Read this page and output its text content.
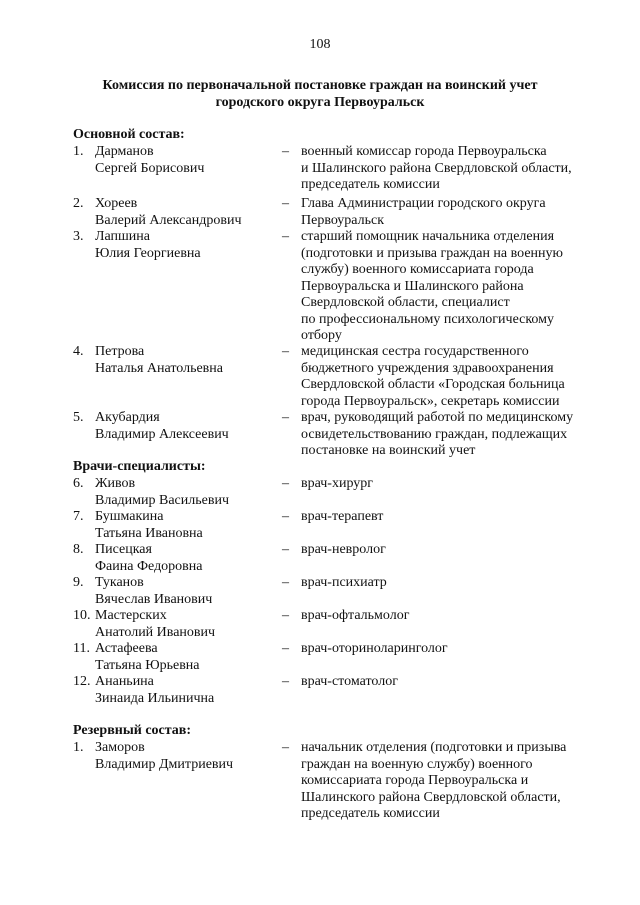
108
Комиссия по первоначальной постановке граждан на воинский учет
городского округа Первоуральск
Основной состав:
1. Дарманов
Сергей Борисович
– военный комиссар города Первоуральска
и Шалинского района Свердловской области,
председатель комиссии
2. Хореев
Валерий Александрович
– Глава Администрации городского округа
Первоуральск
3. Лапшина
Юлия Георгиевна
– старший помощник начальника отделения
(подготовки и призыва граждан на военную
службу) военного комиссариата города
Первоуральска и Шалинского района
Свердловской области, специалист
по профессиональному психологическому
отбору
4. Петрова
Наталья Анатольевна
– медицинская сестра государственного
бюджетного учреждения здравоохранения
Свердловской области «Городская больница
города Первоуральск», секретарь комиссии
5. Акубардия
Владимир Алексеевич
– врач, руководящий работой по медицинскому
освидетельствованию граждан, подлежащих
постановке на воинский учет
Врачи-специалисты:
6. Живов
Владимир Васильевич
– врач-хирург
7. Бушмакина
Татьяна Ивановна
– врач-терапевт
8. Писецкая
Фаина Федоровна
– врач-невролог
9. Туканов
Вячеслав Иванович
– врач-психиатр
10. Мастерских
Анатолий Иванович
– врач-офтальмолог
11. Астафеева
Татьяна Юрьевна
– врач-оториноларинголог
12. Ананьина
Зинаида Ильинична
– врач-стоматолог
Резервный состав:
1. Заморов
Владимир Дмитриевич
– начальник отделения (подготовки и призыва
граждан на военную службу) военного
комиссариата города Первоуральска и
Шалинского района Свердловской области,
председатель комиссии
